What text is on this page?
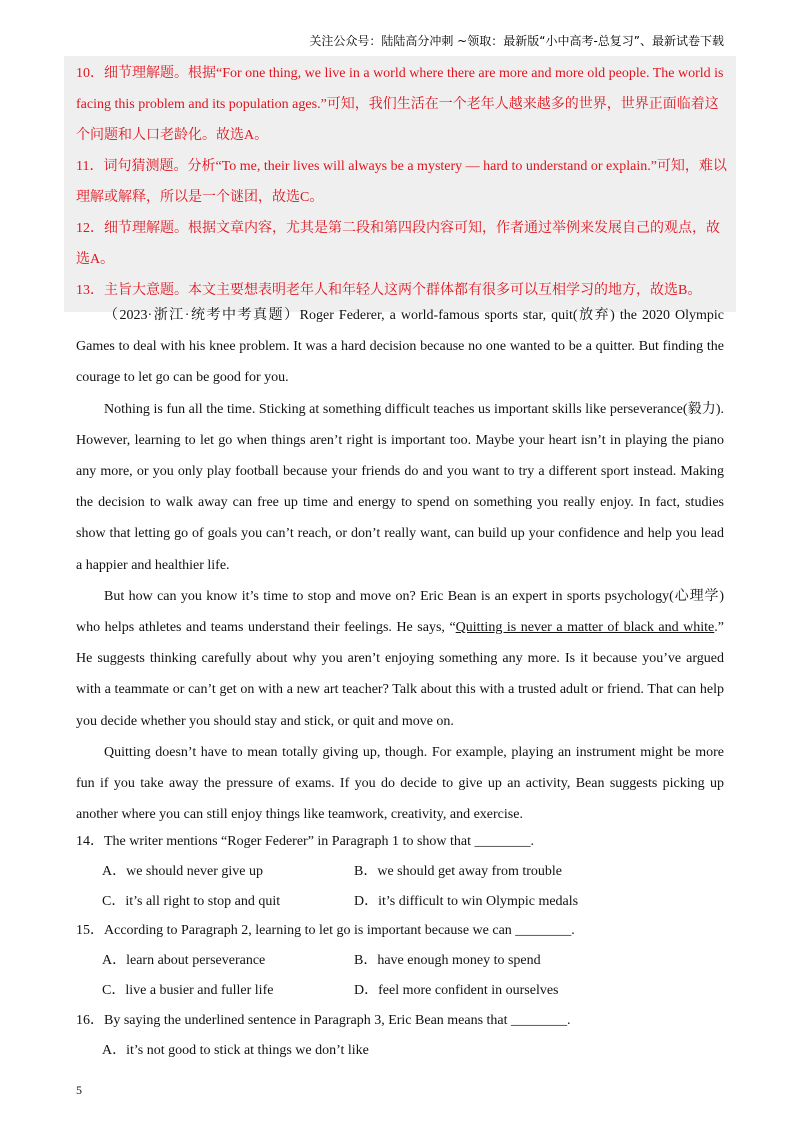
关注公众号：陆陆高分冲刺 ~领取：最新版“小中高考-总复习”、最新试卷下载

10．细节理解题。根据“For one thing, we live in a world where there are more and more old people. The world is facing this problem and its population ages.”可知，我们生活在一个老年人越来越多的世界，世界正面临着这个问题和人口老龄化。故选A。

11．词句猜测题。分析“To me, their lives will always be a mystery — hard to understand or explain.”可知，难以理解或解释，所以是一个谜团，故选C。

12．细节理解题。根据文章内容，尤其是第二段和第四段内容可知，作者通过举例来发展自己的观点，故选A。

13．主旨大意题。本文主要想表明老年人和年轻人这两个群体都有很多可以互相学习的地方，故选B。

（2023·浙江·统考中考真题）Roger Federer, a world-famous sports star, quit(放弃) the 2020 Olympic Games to deal with his knee problem. It was a hard decision because no one wanted to be a quitter. But finding the courage to let go can be good for you.

Nothing is fun all the time. Sticking at something difficult teaches us important skills like perseverance(毅力). However, learning to let go when things aren’t right is important too. Maybe your heart isn’t in playing the piano any more, or you only play football because your friends do and you want to try a different sport instead. Making the decision to walk away can free up time and energy to spend on something you really enjoy. In fact, studies show that letting go of goals you can’t reach, or don’t really want, can build up your confidence and help you lead a happier and healthier life.

But how can you know it’s time to stop and move on? Eric Bean is an expert in sports psychology(心理学) who helps athletes and teams understand their feelings. He says, “Quitting is never a matter of black and white.” He suggests thinking carefully about why you aren’t enjoying something any more. Is it because you’ve argued with a teammate or can’t get on with a new art teacher? Talk about this with a trusted adult or friend. That can help you decide whether you should stay and stick, or quit and move on.

Quitting doesn’t have to mean totally giving up, though. For example, playing an instrument might be more fun if you take away the pressure of exams. If you do decide to give up an activity, Bean suggests picking up another where you can still enjoy things like teamwork, creativity, and exercise.

14．The writer mentions “Roger Federer” in Paragraph 1 to show that ________.

A．we should never give up	B．we should get away from trouble
C．it’s all right to stop and quit	D．it’s difficult to win Olympic medals

15．According to Paragraph 2, learning to let go is important because we can ________.

A．learn about perseverance	B．have enough money to spend
C．live a busier and fuller life	D．feel more confident in ourselves

16．By saying the underlined sentence in Paragraph 3, Eric Bean means that ________.

A．it’s not good to stick at things we don’t like
5
